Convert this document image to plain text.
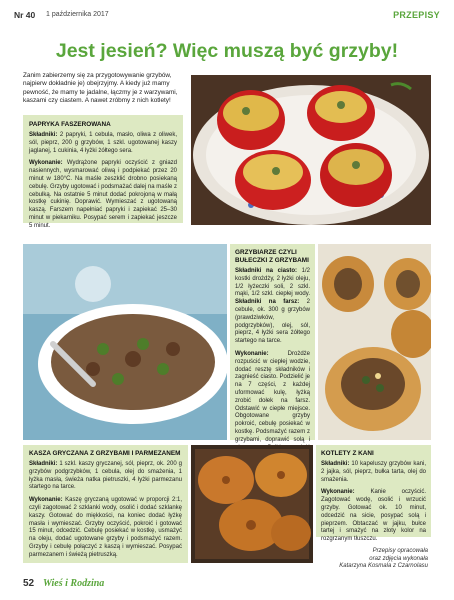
Nr 40 1 października 2017	PRZEPISY
Jest jesień? Więc muszą być grzyby!
Zanim zabierzemy się za przygotowywanie grzybów, najpierw dokładnie je) obejrzyjmy. A kiedy już mamy pewność, że mamy te jadalne, łączmy je z warzywami, kaszami czy ciastem. A nawet zróbmy z nich kotlety!
PAPRYKA FASZEROWANA

Składniki: 2 papryki, 1 cebula, masło, oliwa z oliwek, sól, pieprz, 200 g grzybów, 1 szkl. ugotowanej kaszy jaglanej, 1 cukinia, 4 łyżki żółtego sera.

Wykonanie: Wydrążone papryki oczyścić z gniazd nasiennych, wysmarować oliwą i podpiekać przez 20 minut w 180°C. Na maśle zeszklić drobno posiekaną cebulę. Grzyby ugotować i podsmażać dalej na maśle z cebulką. Na ostatnie 5 minut dodać pokrojoną w małą kostkę cukinię. Doprawić. Wymieszać z ugotowaną kaszą. Farszem napełniać papryki i zapiekać 25–30 minut w piekarniku. Posypać serem i zapiekać jeszcze 5 minut.

GRZYBIARZE CZYLI BUŁECZKI Z GRZYBAMI

Składniki na ciasto: 1/2 kostki drożdży, 2 łyżki oleju, 1/2 łyżeczki soli, 2 szkl. mąki, 1/2 szkl. ciepłej wody. Składniki na farsz: 2 cebule, ok. 300 g grzybów (prawdziwków, podgrzybków), olej, sól, pieprz, 4 łyżki sera żółtego startego na tarce.

Wykonanie:	Drożdże rozpuścić w ciepłej wodzie, dodać resztę składników i zagnieść ciasto. Podzielić je na 7 części, z każdej uformować kulę, łyżką zrobić dołek na farsz. Odstawić w ciepłe miejsce. Obgotowane grzyby pokroić, cebulę posiekać w kostkę. Podsmażyć razem z grzybami, doprawić solą i

KASZA GRYCZANA Z GRZYBAMI I PARMEZANEM

Składniki: 1 szkl. kaszy gryczanej, sól, pieprz, ok. 200 g grzybów podgrzybków, 1 cebula, olej do smażenia, 1 łyżka masła, świeża natka pietruszki, 4 łyżki parmezanu startego na tarce.

Wykonanie: Kaszę gryczaną ugotować w proporcji 2:1, czyli zagotować 2 szklanki wody, osolić i dodać szklankę kaszy. Gotować do miękkości, na koniec dodać łyżkę masła i wymieszać. Grzyby oczyścić, pokroić i gotować 15 minut, odcedzić. Cebulę posiekać w kostkę, usmażyć na oleju, dodać ugotowane grzyby i podsmażyć razem. Grzyby i cebulę połączyć z kaszą i wymieszać. Posypać parmezanem i świeżą pietruszką.

KOTLETY Z KANI

Składniki: 10 kapeluszy grzybów kani, 2 jajka, sól, pieprz, bułka tarta, olej do smażenia.

Wykonanie:	Kanie oczyścić. Zagotować wodę, osolić i wrzucić grzyby. Gotować ok. 10 minut, odcedzić na sicie, posypać solą i pieprzem. Obtaczać w jajku, bułce tartej i smażyć na złoty kolor na rozgrzanym tłuszczu.

Przepisy opracowała
oraz zdjęcia wykonała
Katarzyna Kosmala z Czarnolasu
52 Wieś i Rodzina
